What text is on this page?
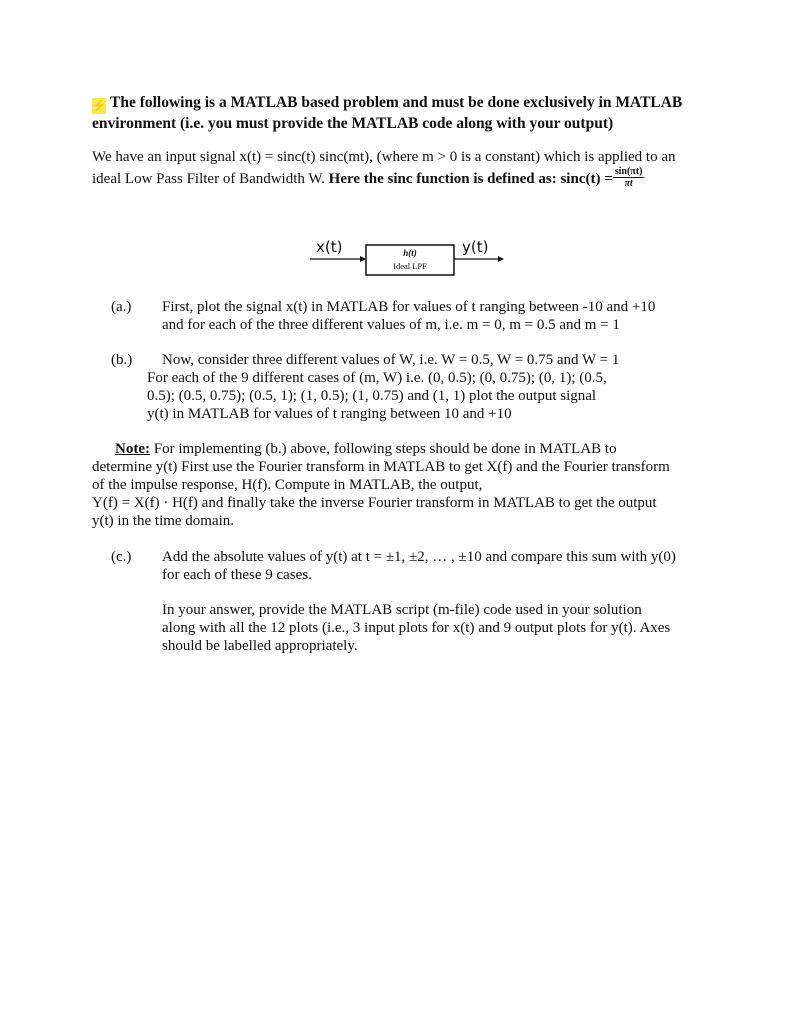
⚡ The following is a MATLAB based problem and must be done exclusively in MATLAB
environment (i.e. you must provide the MATLAB code along with your output)
We have an input signal x(t) = sinc(t) sinc(mt), (where m > 0 is a constant) which is applied to an
ideal Low Pass Filter of Bandwidth W. Here the sinc function is defined as: $\sin c(t) = \frac{\sin(\pi t)}{\pi t}$
x(t)	y(t)
h(t)
Ideal LPF
(a.) First, plot the signal x(t) in MATLAB for values of t ranging between -10 and +10
and for each of the three different values of m, i.e. m = 0, m = 0.5 and m = 1
(b.) Now, consider three different values of W, i.e. W = 0.5, W = 0.75 and W = 1
For each of the 9 different cases of (m, W) i.e. (0, 0.5); (0, 0.75); (0, 1); (0.5,
0.5); (0.5, 0.75); (0.5, 1); (1, 0.5); (1, 0.75) and (1, 1) plot the output signal
y(t) in MATLAB for values of t ranging between 10 and +10
Note: For implementing (b.) above, following steps should be done in MATLAB to
determine y(t) First use the Fourier transform in MATLAB to get X(f) and the Fourier transform
of the impulse response, H(f). Compute in MATLAB, the output,
Y(f) = X(f) · H(f) and finally take the inverse Fourier transform in MATLAB to get the output
y(t) in the time domain.
(c.) Add the absolute values of y(t) at t = ±1, ±2, … , ±10 and compare this sum with y(0)
for each of these 9 cases.
In your answer, provide the MATLAB script (m-file) code used in your solution
along with all the 12 plots (i.e., 3 input plots for x(t) and 9 output plots for y(t). Axes
should be labelled appropriately.
